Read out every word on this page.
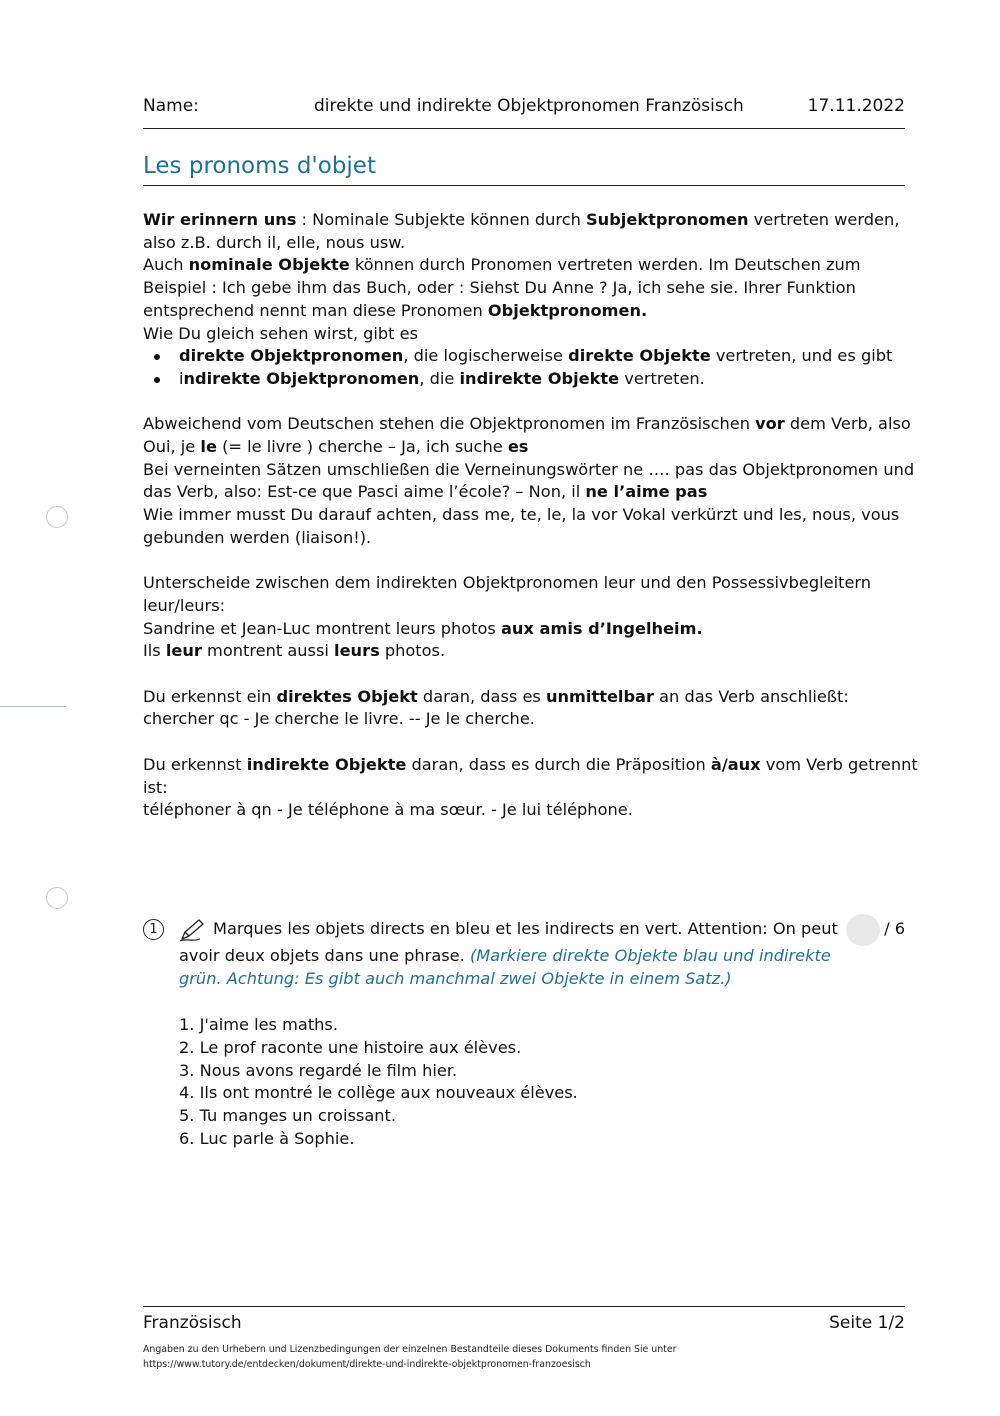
Name:	direkte und indirekte Objektpronomen Französisch	17.11.2022
Les pronoms d'objet

Wir erinnern uns : Nominale Subjekte können durch Subjektpronomen vertreten werden, also z.B. durch il, elle, nous usw.

Auch nominale Objekte können durch Pronomen vertreten werden. Im Deutschen zum Beispiel : Ich gebe ihm das Buch, oder : Siehst Du Anne ? Ja, ich sehe sie. Ihrer Funktion entsprechend nennt man diese Pronomen Objektpronomen.

Wie Du gleich sehen wirst, gibt es

direkte Objektpronomen, die logischerweise direkte Objekte vertreten, und es gibt
indirekte Objektpronomen, die indirekte Objekte vertreten.

Abweichend vom Deutschen stehen die Objektpronomen im Französischen vor dem Verb, also Oui, je le (= le livre ) cherche – Ja, ich suche es

Bei verneinten Sätzen umschließen die Verneinungswörter ne …. pas das Objektpronomen und das Verb, also: Est-ce que Pasci aime l’école? – Non, il ne l’aime pas

Wie immer musst Du darauf achten, dass me, te, le, la vor Vokal verkürzt und les, nous, vous gebunden werden (liaison!).

Unterscheide zwischen dem indirekten Objektpronomen leur und den Possessivbegleitern leur/leurs:

Sandrine et Jean-Luc montrent leurs photos aux amis d’Ingelheim.

Ils leur montrent aussi leurs photos.

Du erkennst ein direktes Objekt daran, dass es unmittelbar an das Verb anschließt:

chercher qc - Je cherche le livre. -- Je le cherche.

Du erkennst indirekte Objekte daran, dass es durch die Präposition à/aux vom Verb getrennt ist:

téléphoner à qn - Je téléphone à ma sœur. - Je lui téléphone.

1	Marques les objets directs en bleu et les indirects en vert. Attention: On peut
avoir deux objets dans une phrase. (Markiere direkte Objekte blau und indirekte grün. Achtung: Es gibt auch manchmal zwei Objekte in einem Satz.)
/ 6
1. J'aime les maths.
2. Le prof raconte une histoire aux élèves.
3. Nous avons regardé le film hier.
4. Ils ont montré le collège aux nouveaux élèves.
5. Tu manges un croissant.
6. Luc parle à Sophie.
Französisch	Seite 1/2
Angaben zu den Urhebern und Lizenzbedingungen der einzelnen Bestandteile dieses Dokuments finden Sie unter
https://www.tutory.de/entdecken/dokument/direkte-und-indirekte-objektpronomen-franzoesisch
